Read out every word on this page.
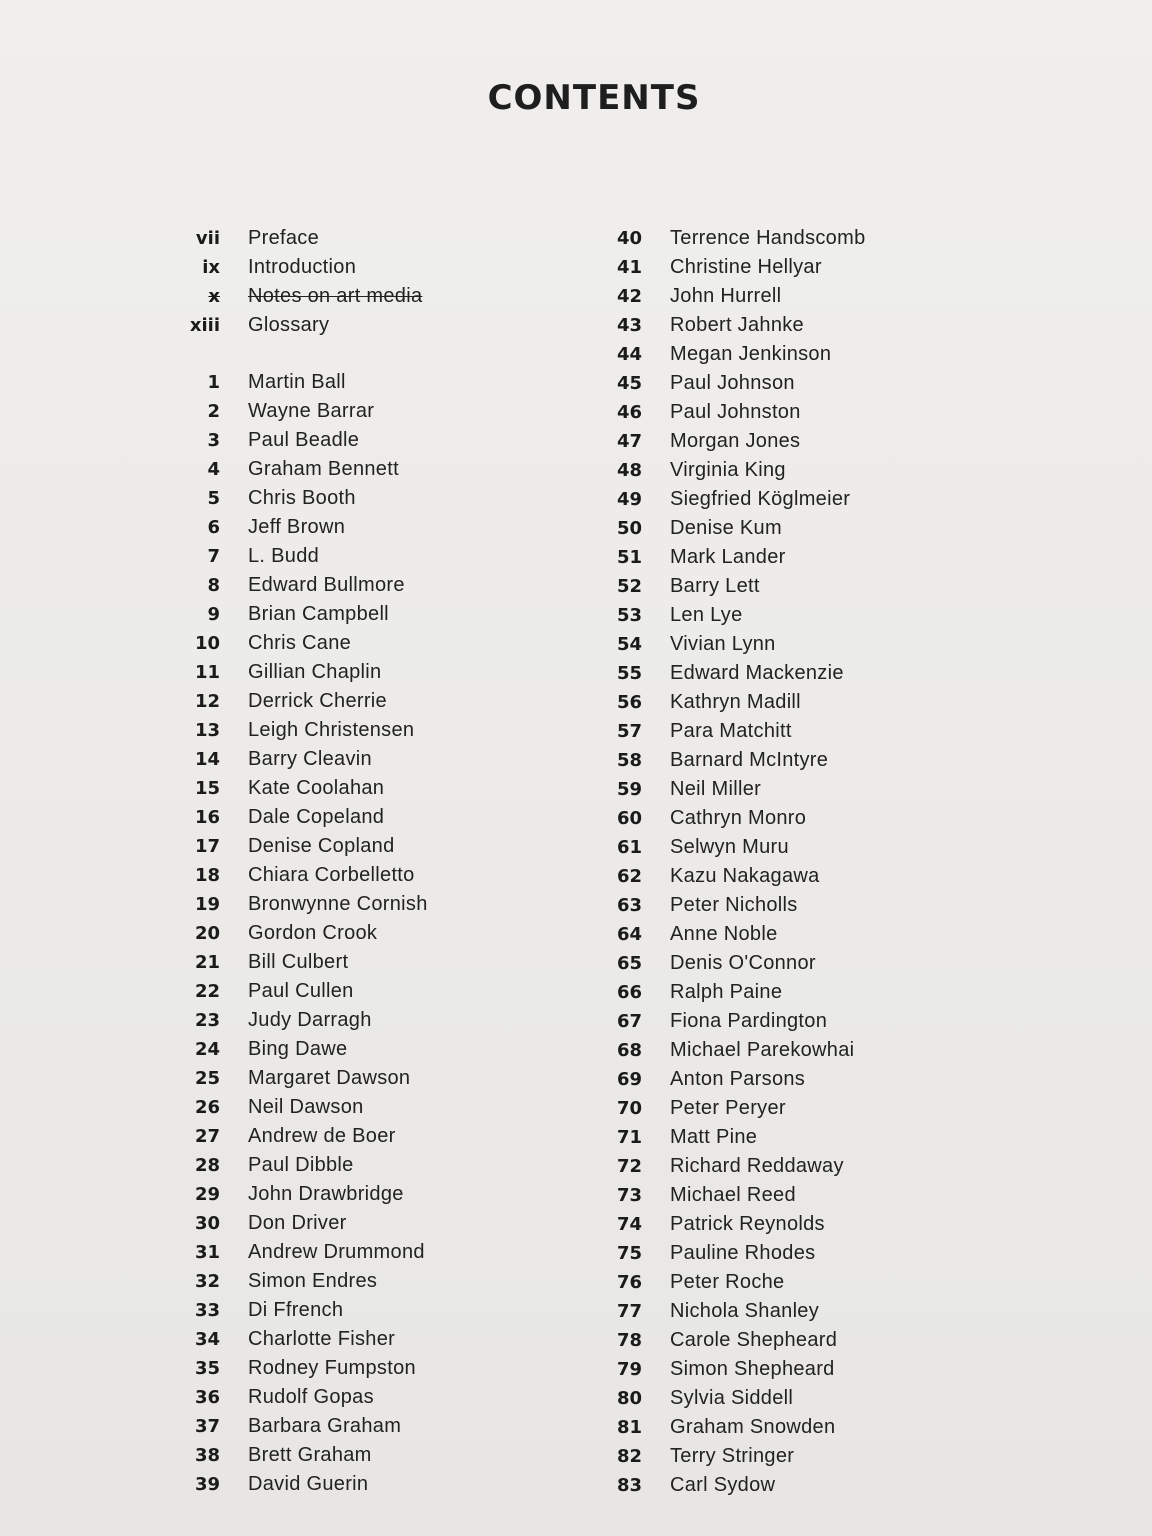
CONTENTS
vii Preface
ix Introduction
x Notes on art media
xiii Glossary
1 Martin Ball
2 Wayne Barrar
3 Paul Beadle
4 Graham Bennett
5 Chris Booth
6 Jeff Brown
7 L. Budd
8 Edward Bullmore
9 Brian Campbell
10 Chris Cane
11 Gillian Chaplin
12 Derrick Cherrie
13 Leigh Christensen
14 Barry Cleavin
15 Kate Coolahan
16 Dale Copeland
17 Denise Copland
18 Chiara Corbelletto
19 Bronwynne Cornish
20 Gordon Crook
21 Bill Culbert
22 Paul Cullen
23 Judy Darragh
24 Bing Dawe
25 Margaret Dawson
26 Neil Dawson
27 Andrew de Boer
28 Paul Dibble
29 John Drawbridge
30 Don Driver
31 Andrew Drummond
32 Simon Endres
33 Di Ffrench
34 Charlotte Fisher
35 Rodney Fumpston
36 Rudolf Gopas
37 Barbara Graham
38 Brett Graham
39 David Guerin
40 Terrence Handscomb
41 Christine Hellyar
42 John Hurrell
43 Robert Jahnke
44 Megan Jenkinson
45 Paul Johnson
46 Paul Johnston
47 Morgan Jones
48 Virginia King
49 Siegfried Köglmeier
50 Denise Kum
51 Mark Lander
52 Barry Lett
53 Len Lye
54 Vivian Lynn
55 Edward Mackenzie
56 Kathryn Madill
57 Para Matchitt
58 Barnard McIntyre
59 Neil Miller
60 Cathryn Monro
61 Selwyn Muru
62 Kazu Nakagawa
63 Peter Nicholls
64 Anne Noble
65 Denis O'Connor
66 Ralph Paine
67 Fiona Pardington
68 Michael Parekowhai
69 Anton Parsons
70 Peter Peryer
71 Matt Pine
72 Richard Reddaway
73 Michael Reed
74 Patrick Reynolds
75 Pauline Rhodes
76 Peter Roche
77 Nichola Shanley
78 Carole Shepheard
79 Simon Shepheard
80 Sylvia Siddell
81 Graham Snowden
82 Terry Stringer
83 Carl Sydow
